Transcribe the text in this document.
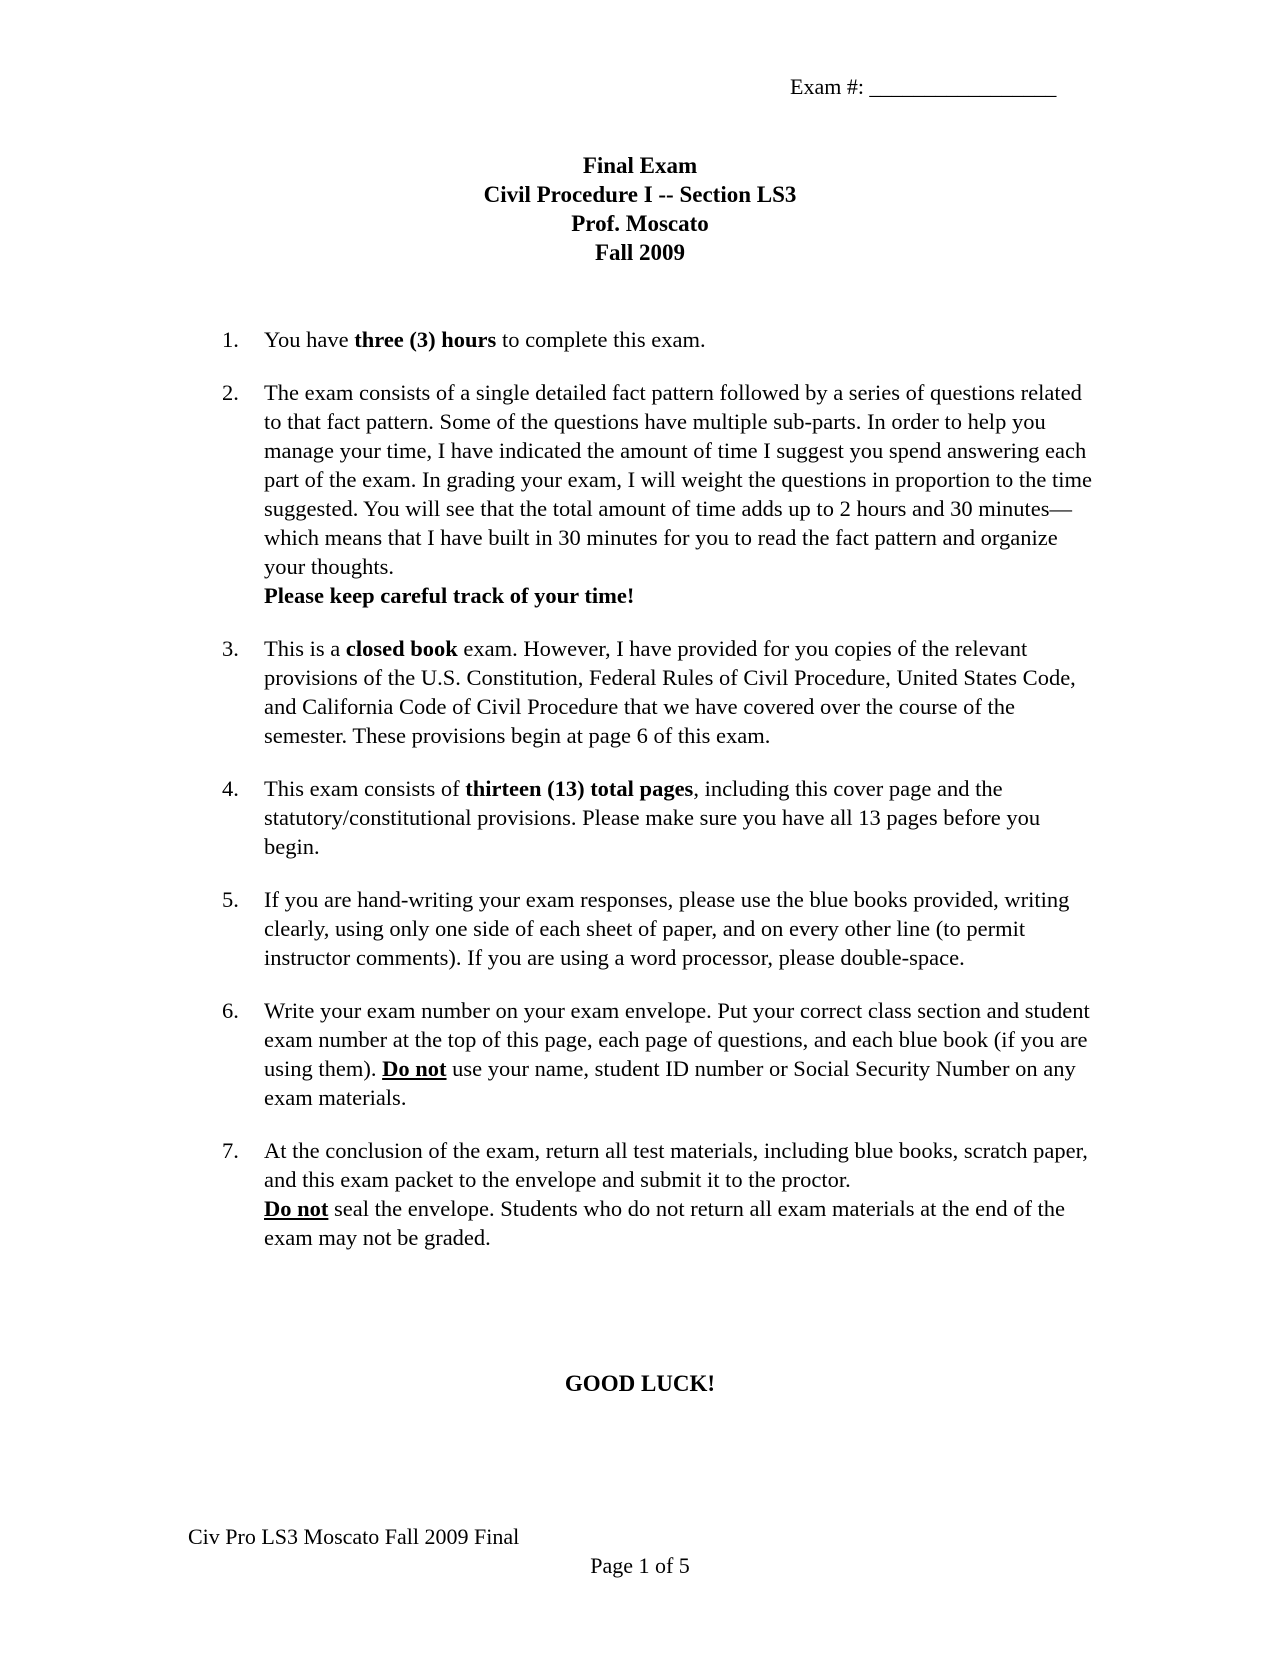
Exam #: _________________
Final Exam
Civil Procedure I -- Section LS3
Prof. Moscato
Fall 2009
1. You have three (3) hours to complete this exam.
2. The exam consists of a single detailed fact pattern followed by a series of questions related to that fact pattern. Some of the questions have multiple sub-parts. In order to help you manage your time, I have indicated the amount of time I suggest you spend answering each part of the exam. In grading your exam, I will weight the questions in proportion to the time suggested. You will see that the total amount of time adds up to 2 hours and 30 minutes—which means that I have built in 30 minutes for you to read the fact pattern and organize your thoughts.
Please keep careful track of your time!
3. This is a closed book exam. However, I have provided for you copies of the relevant provisions of the U.S. Constitution, Federal Rules of Civil Procedure, United States Code, and California Code of Civil Procedure that we have covered over the course of the semester. These provisions begin at page 6 of this exam.
4. This exam consists of thirteen (13) total pages, including this cover page and the statutory/constitutional provisions. Please make sure you have all 13 pages before you begin.
5. If you are hand-writing your exam responses, please use the blue books provided, writing clearly, using only one side of each sheet of paper, and on every other line (to permit instructor comments). If you are using a word processor, please double-space.
6. Write your exam number on your exam envelope. Put your correct class section and student exam number at the top of this page, each page of questions, and each blue book (if you are using them). Do not use your name, student ID number or Social Security Number on any exam materials.
7. At the conclusion of the exam, return all test materials, including blue books, scratch paper, and this exam packet to the envelope and submit it to the proctor.
Do not seal the envelope. Students who do not return all exam materials at the end of the exam may not be graded.
GOOD LUCK!
Civ Pro LS3 Moscato Fall 2009 Final
Page 1 of 5
